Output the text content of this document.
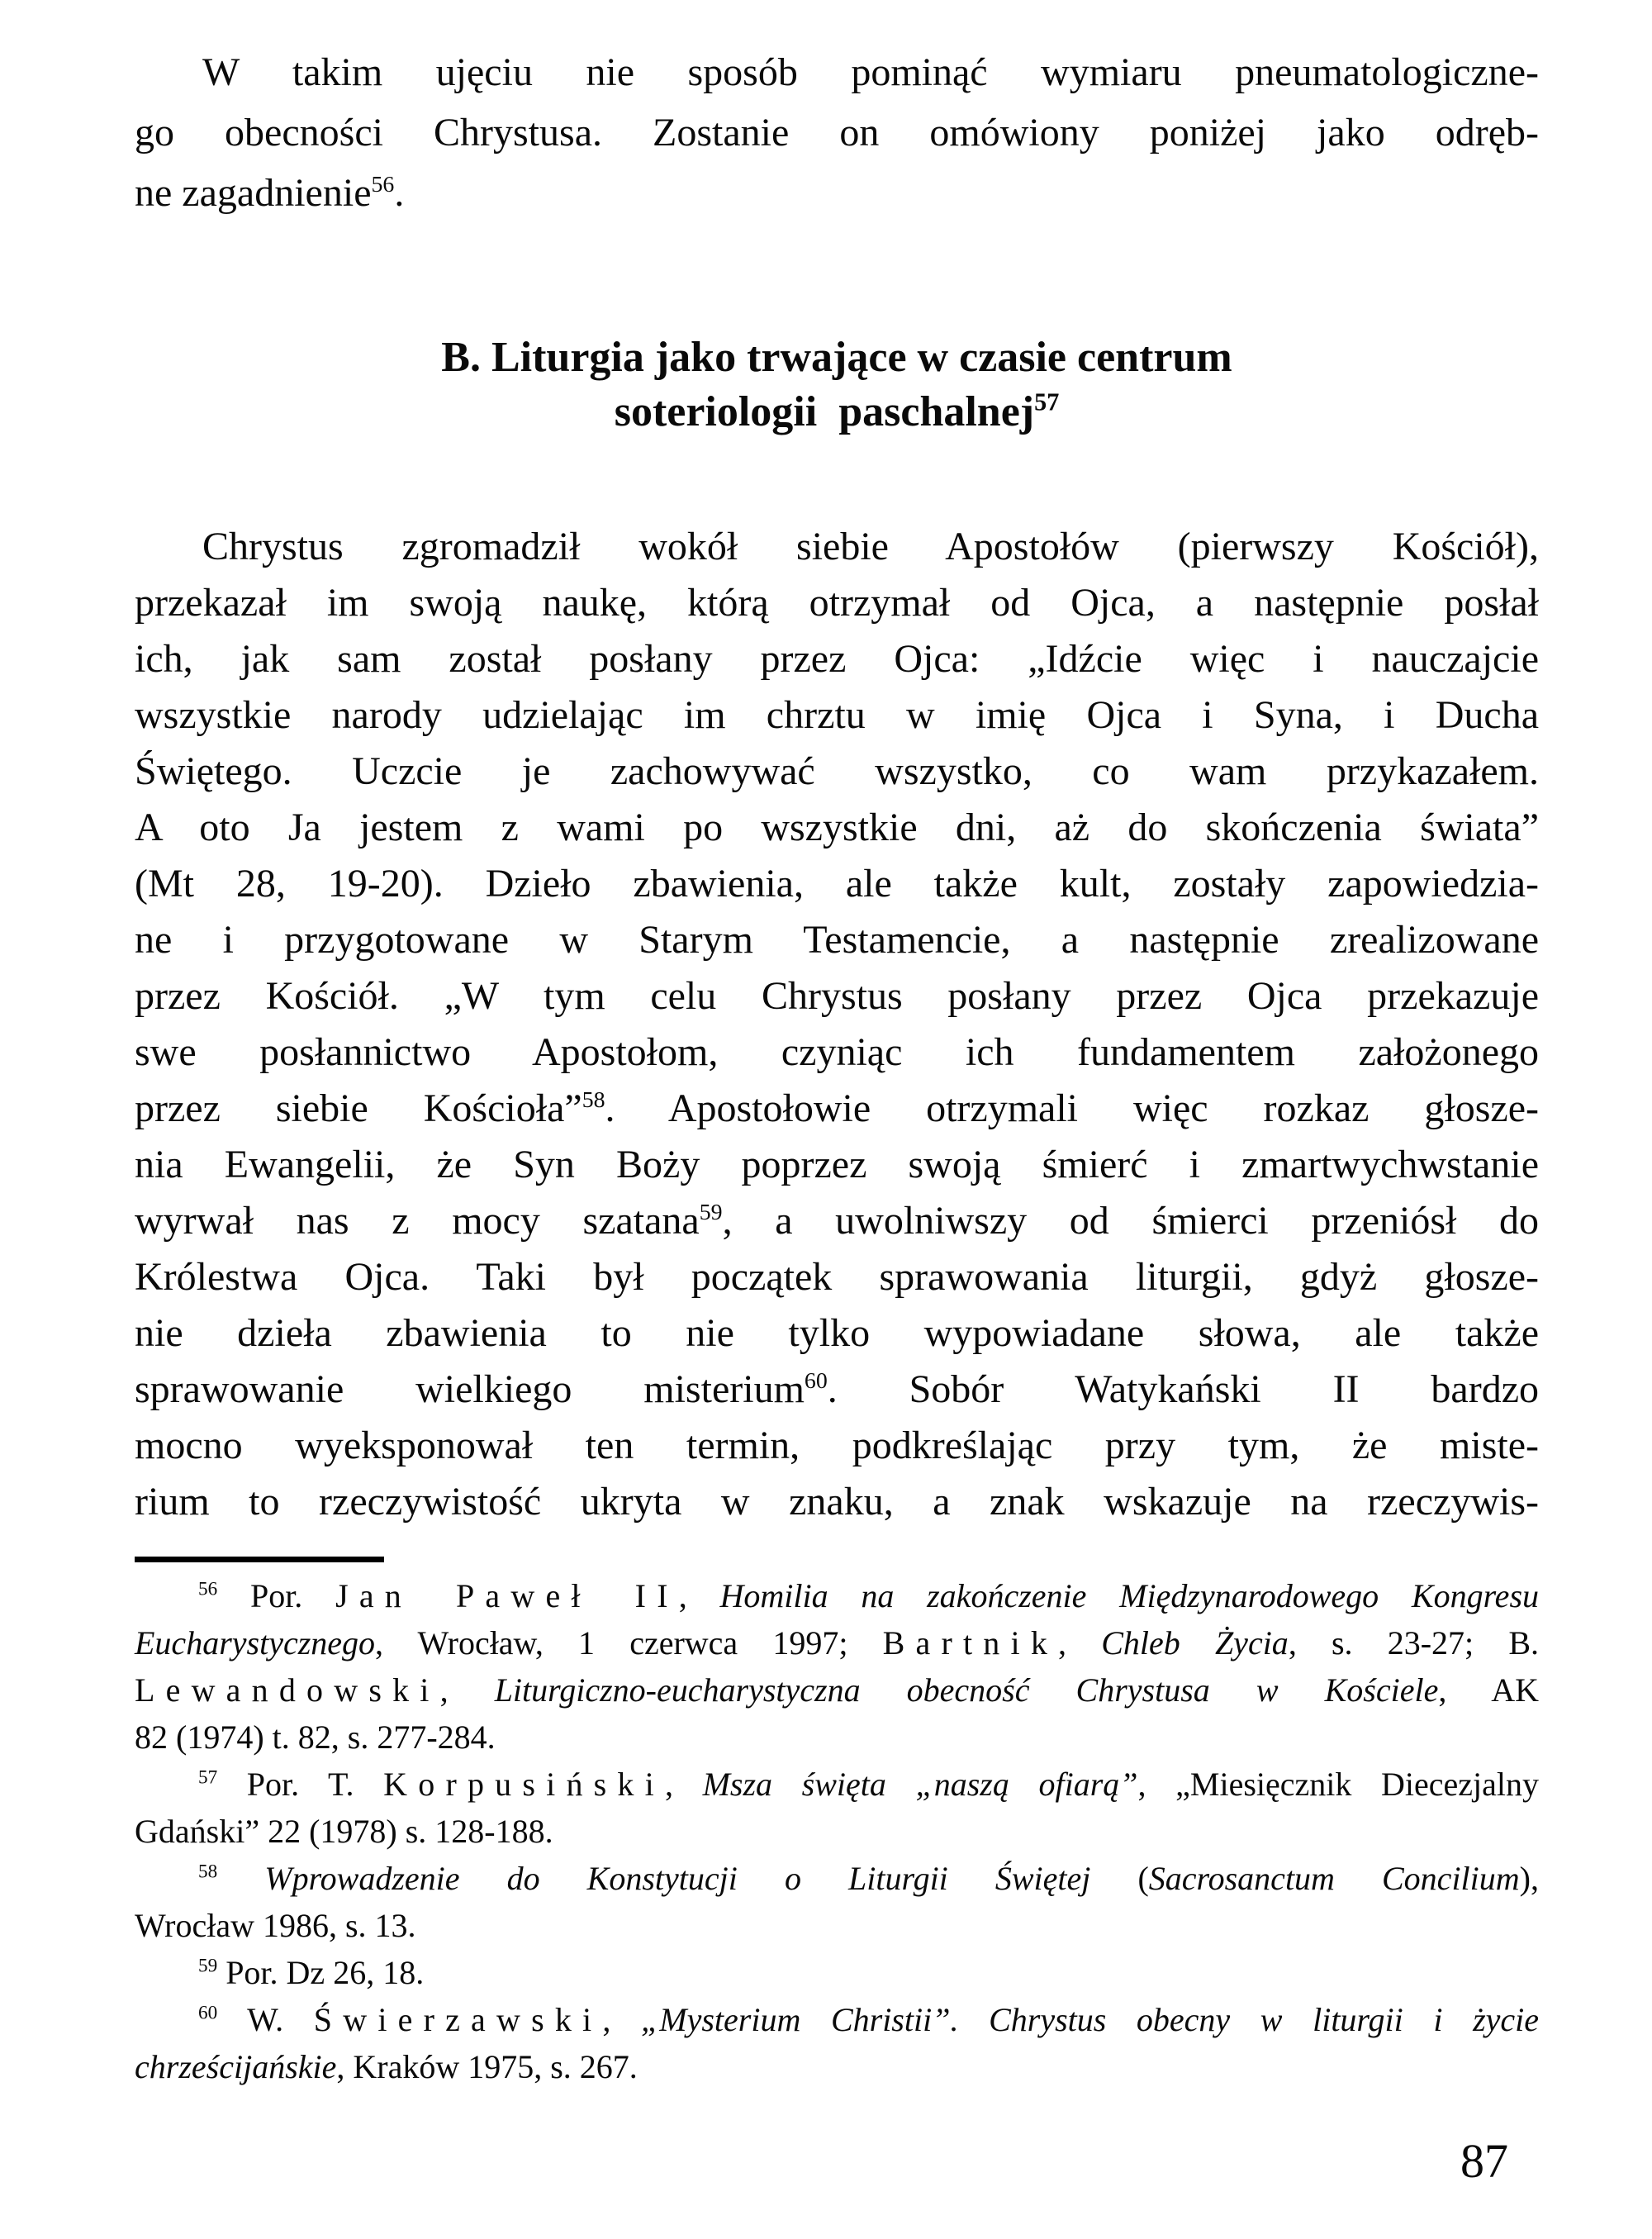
W takim ujęciu nie sposób pominąć wymiaru pneumatologiczne-
go obecności Chrystusa. Zostanie on omówiony poniżej jako odręb-
ne zagadnienie$^{56}$.
B. Liturgia jako trwające w czasie centrum
soteriologii  paschalnej$^{57}$
Chrystus zgromadził wokół siebie Apostołów (pierwszy Kościół),
przekazał im swoją naukę, którą otrzymał od Ojca, a następnie posłał
ich, jak sam został posłany przez Ojca: „Idźcie więc i nauczajcie
wszystkie narody udzielając im chrztu w imię Ojca i Syna, i Ducha
Świętego. Uczcie je zachowywać wszystko, co wam przykazałem.
A oto Ja jestem z wami po wszystkie dni, aż do skończenia świata”
(Mt 28, 19-20). Dzieło zbawienia, ale także kult, zostały zapowiedzia-
ne i przygotowane w Starym Testamencie, a następnie zrealizowane
przez Kościół. „W tym celu Chrystus posłany przez Ojca przekazuje
swe posłannictwo Apostołom, czyniąc ich fundamentem założonego
przez siebie Kościoła”$^{58}$. Apostołowie otrzymali więc rozkaz głosze-
nia Ewangelii, że Syn Boży poprzez swoją śmierć i zmartwychwstanie
wyrwał nas z mocy szatana$^{59}$, a uwolniwszy od śmierci przeniósł do
Królestwa Ojca. Taki był początek sprawowania liturgii, gdyż głosze-
nie dzieła zbawienia to nie tylko wypowiadane słowa, ale także
sprawowanie wielkiego misterium$^{60}$. Sobór Watykański II bardzo
mocno wyeksponował ten termin, podkreślając przy tym, że miste-
rium to rzeczywistość ukryta w znaku, a znak wskazuje na rzeczywis-
$^{56}$ Por. Jan Paweł II, Homilia na zakończenie Międzynarodowego Kongresu
Eucharystycznego, Wrocław, 1 czerwca 1997; Bartnik, Chleb Życia, s. 23-27; B.
Lewandowski, Liturgiczno-eucharystyczna obecność Chrystusa w Kościele, AK
82 (1974) t. 82, s. 277-284.
$^{57}$ Por. T. Korpusiński, Msza święta „naszą ofiarą”, „Miesięcznik Diecezjalny
Gdański” 22 (1978) s. 128-188.
$^{58}$ Wprowadzenie do Konstytucji o Liturgii Świętej (Sacrosanctum Concilium),
Wrocław 1986, s. 13.
$^{59}$ Por. Dz 26, 18.
$^{60}$ W. Świerzawski, „Mysterium Christii”. Chrystus obecny w liturgii i życie
chrześcijańskie, Kraków 1975, s. 267.
87
